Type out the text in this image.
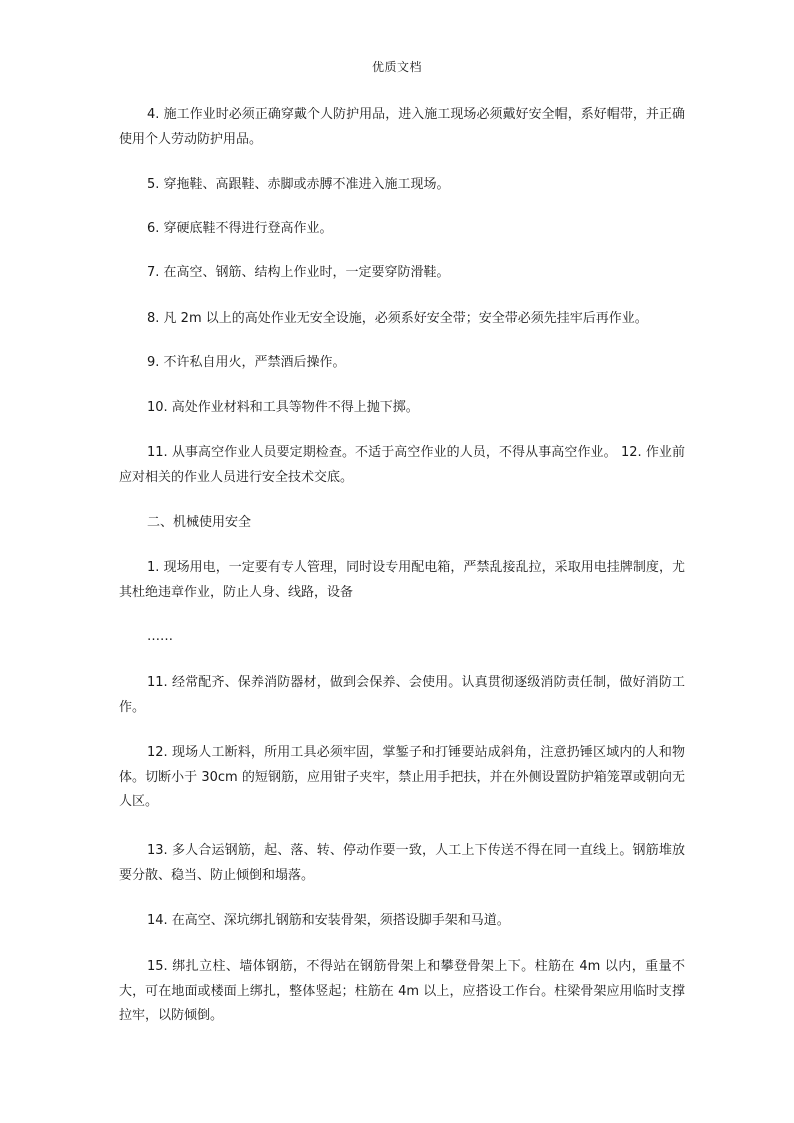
优质文档

4. 施工作业时必须正确穿戴个人防护用品，进入施工现场必须戴好安全帽，系好帽带，并正确使用个人劳动防护用品。

5. 穿拖鞋、高跟鞋、赤脚或赤膊不准进入施工现场。

6. 穿硬底鞋不得进行登高作业。

7. 在高空、钢筋、结构上作业时，一定要穿防滑鞋。

8. 凡 2m 以上的高处作业无安全设施，必须系好安全带；安全带必须先挂牢后再作业。

9. 不许私自用火，严禁酒后操作。

10. 高处作业材料和工具等物件不得上抛下掷。

11. 从事高空作业人员要定期检查。不适于高空作业的人员，不得从事高空作业。 12. 作业前应对相关的作业人员进行安全技术交底。

二、机械使用安全

1. 现场用电，一定要有专人管理，同时设专用配电箱，严禁乱接乱拉，采取用电挂牌制度，尤其杜绝违章作业，防止人身、线路，设备

……

11. 经常配齐、保养消防器材，做到会保养、会使用。认真贯彻逐级消防责任制，做好消防工作。

12. 现场人工断料，所用工具必须牢固，掌錾子和打锤要站成斜角，注意扔锤区域内的人和物体。切断小于 30cm 的短钢筋，应用钳子夹牢，禁止用手把扶，并在外侧设置防护箱笼罩或朝向无人区。

13. 多人合运钢筋，起、落、转、停动作要一致，人工上下传送不得在同一直线上。钢筋堆放要分散、稳当、防止倾倒和塌落。

14. 在高空、深坑绑扎钢筋和安装骨架，须搭设脚手架和马道。

15. 绑扎立柱、墙体钢筋，不得站在钢筋骨架上和攀登骨架上下。柱筋在 4m 以内，重量不大，可在地面或楼面上绑扎，整体竖起；柱筋在 4m 以上，应搭设工作台。柱梁骨架应用临时支撑拉牢，以防倾倒。
